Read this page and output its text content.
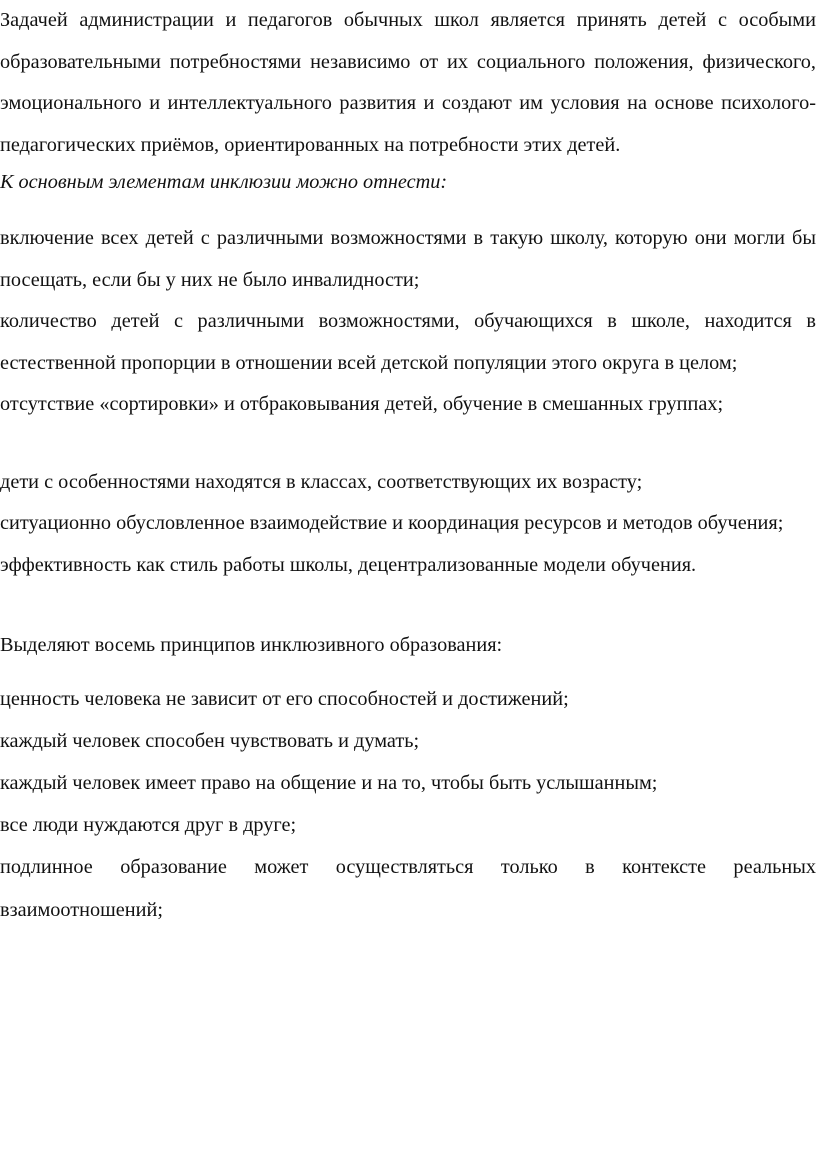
Задачей администрации и педагогов обычных школ является принять детей с особыми образовательными потребностями независимо от их социального положения, физического, эмоционального и интеллектуального развития и создают им условия на основе психолого-педагогических приёмов, ориентированных на потребности этих детей.

К основным элементам инклюзии можно отнести:

включение всех детей с различными возможностями в такую школу, которую они могли бы посещать, если бы у них не было инвалидности;
количество детей с различными возможностями, обучающихся в школе, находится в естественной пропорции в отношении всей детской популяции этого округа в целом;
отсутствие «сортировки» и отбраковывания детей, обучение в смешанных группах;
дети с особенностями находятся в классах, соответствующих их возрасту;
ситуационно обусловленное взаимодействие и координация ресурсов и методов обучения;
эффективность как стиль работы школы, децентрализованные модели обучения.

Выделяют восемь принципов инклюзивного образования:

ценность человека не зависит от его способностей и достижений;
каждый человек способен чувствовать и думать;
каждый человек имеет право на общение и на то, чтобы быть услышанным;
все люди нуждаются друг в друге;
подлинное образование может осуществляться только в контексте реальных взаимоотношений;
